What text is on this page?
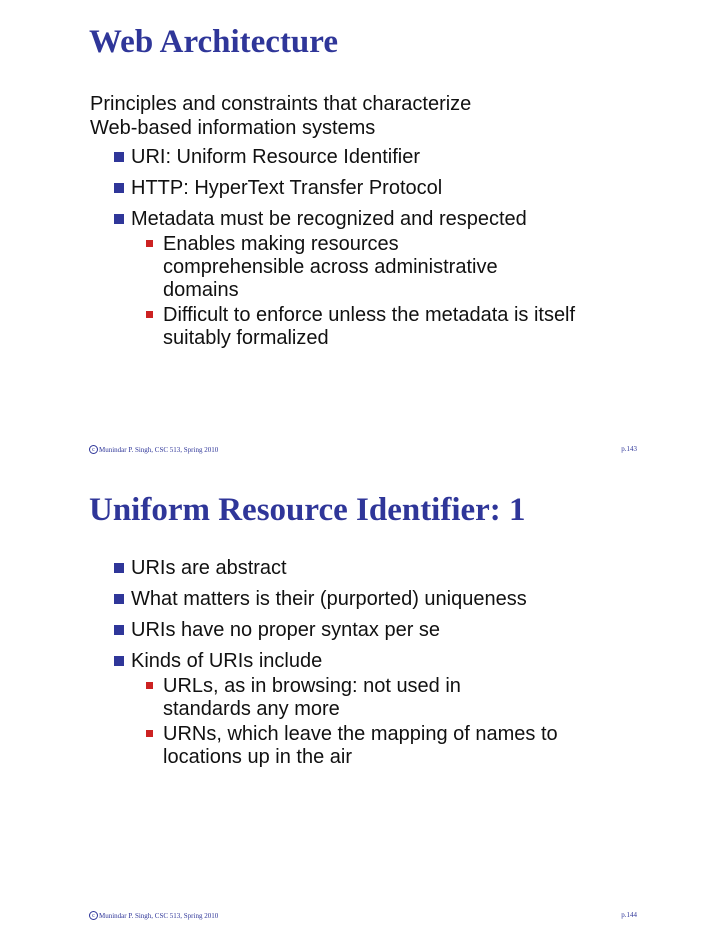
Web Architecture
Principles and constraints that characterize
Web-based information systems
URI: Uniform Resource Identifier
HTTP: HyperText Transfer Protocol
Metadata must be recognized and respected
Enables making resources comprehensible across administrative domains
Difficult to enforce unless the metadata is itself suitably formalized
c Munindar P. Singh, CSC 513, Spring 2010	p.143
Uniform Resource Identifier: 1
URIs are abstract
What matters is their (purported) uniqueness
URIs have no proper syntax per se
Kinds of URIs include
URLs, as in browsing: not used in standards any more
URNs, which leave the mapping of names to locations up in the air
c Munindar P. Singh, CSC 513, Spring 2010	p.144
